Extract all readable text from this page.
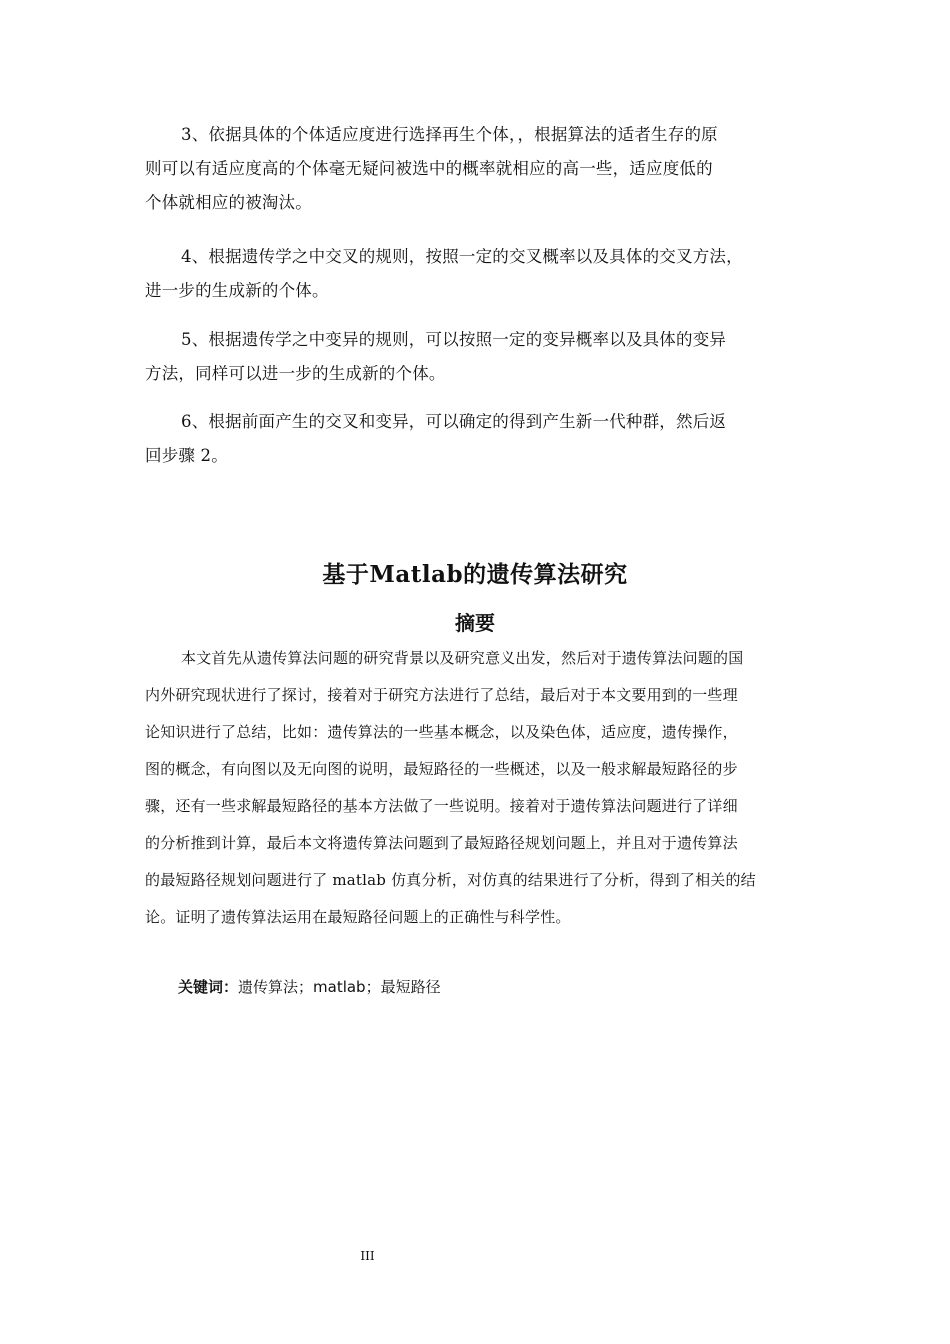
3、依据具体的个体适应度进行选择再生个体，，根据算法的适者生存的原
则可以有适应度高的个体毫无疑问被选中的概率就相应的高一些，适应度低的
个体就相应的被淘汰。

4、根据遗传学之中交叉的规则，按照一定的交叉概率以及具体的交叉方法，
进一步的生成新的个体。

5、根据遗传学之中变异的规则，可以按照一定的变异概率以及具体的变异
方法，同样可以进一步的生成新的个体。

6、根据前面产生的交叉和变异，可以确定的得到产生新一代种群，然后返
回步骤 2。

基于Matlab的遗传算法研究
摘要
本文首先从遗传算法问题的研究背景以及研究意义出发，然后对于遗传算法问题的国
内外研究现状进行了探讨，接着对于研究方法进行了总结，最后对于本文要用到的一些理
论知识进行了总结，比如：遗传算法的一些基本概念，以及染色体，适应度，遗传操作，
图的概念，有向图以及无向图的说明，最短路径的一些概述，以及一般求解最短路径的步
骤，还有一些求解最短路径的基本方法做了一些说明。接着对于遗传算法问题进行了详细
的分析推到计算，最后本文将遗传算法问题到了最短路径规划问题上，并且对于遗传算法
的最短路径规划问题进行了 matlab 仿真分析，对仿真的结果进行了分析，得到了相关的结
论。证明了遗传算法运用在最短路径问题上的正确性与科学性。
关键词：遗传算法；matlab；最短路径
III
